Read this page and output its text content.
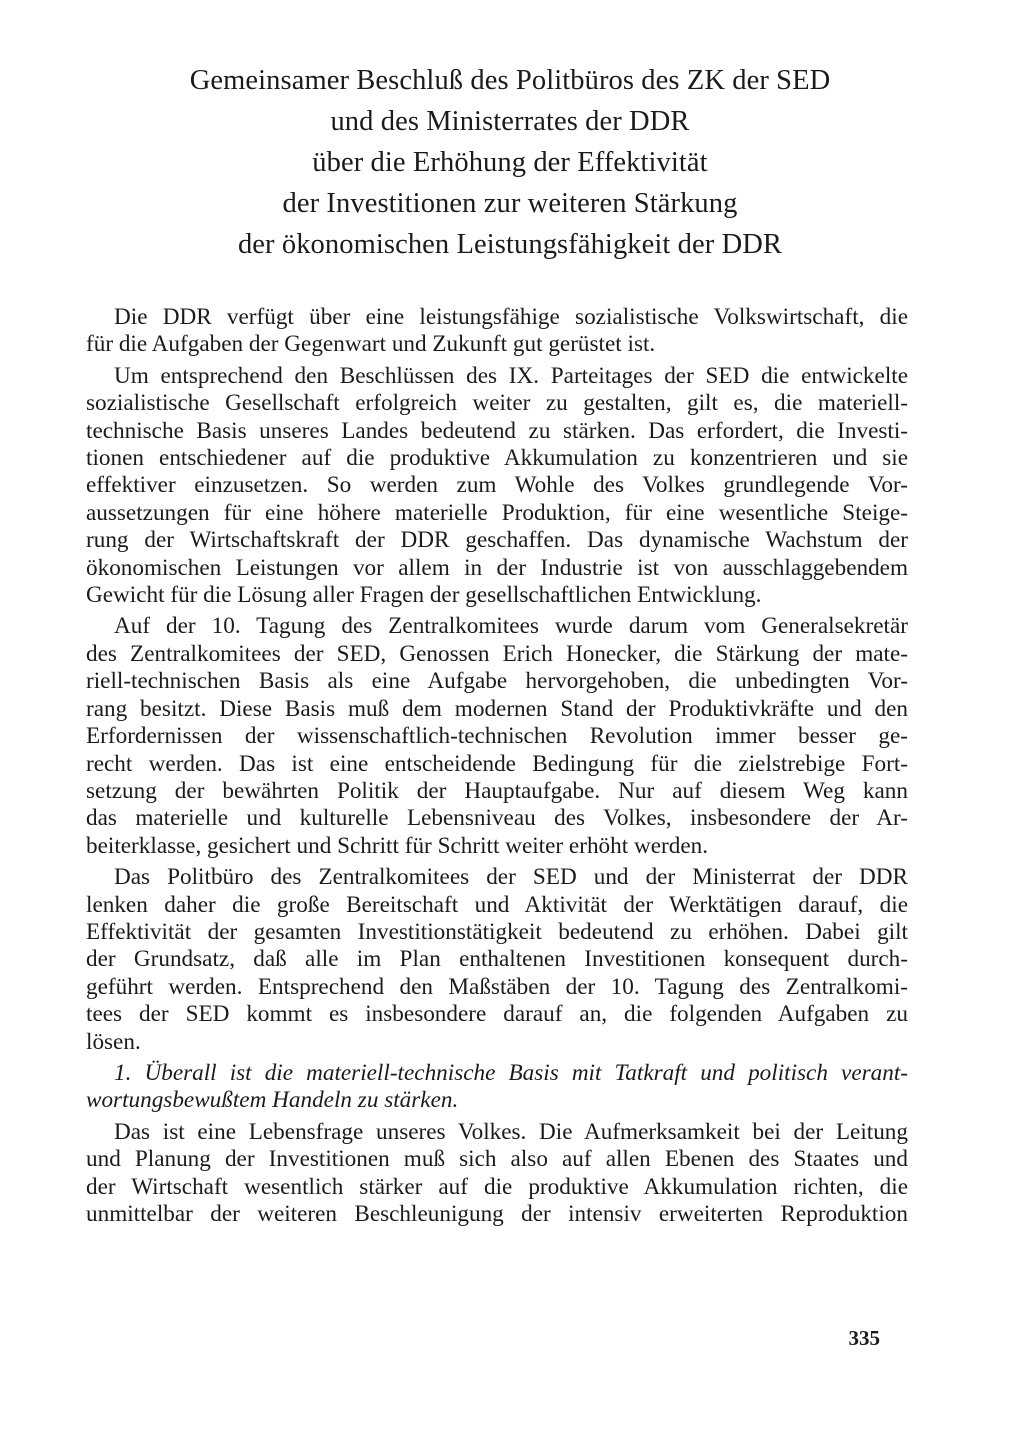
Gemeinsamer Beschluß des Politbüros des ZK der SED
und des Ministerrates der DDR
über die Erhöhung der Effektivität
der Investitionen zur weiteren Stärkung
der ökonomischen Leistungsfähigkeit der DDR
Die DDR verfügt über eine leistungsfähige sozialistische Volkswirtschaft, die
für die Aufgaben der Gegenwart und Zukunft gut gerüstet ist.
Um entsprechend den Beschlüssen des IX. Parteitages der SED die entwickelte
sozialistische Gesellschaft erfolgreich weiter zu gestalten, gilt es, die materiell-
technische Basis unseres Landes bedeutend zu stärken. Das erfordert, die Investi-
tionen entschiedener auf die produktive Akkumulation zu konzentrieren und sie
effektiver einzusetzen. So werden zum Wohle des Volkes grundlegende Vor-
aussetzungen für eine höhere materielle Produktion, für eine wesentliche Steige-
rung der Wirtschaftskraft der DDR geschaffen. Das dynamische Wachstum der
ökonomischen Leistungen vor allem in der Industrie ist von ausschlaggebendem
Gewicht für die Lösung aller Fragen der gesellschaftlichen Entwicklung.
Auf der 10. Tagung des Zentralkomitees wurde darum vom Generalsekretär
des Zentralkomitees der SED, Genossen Erich Honecker, die Stärkung der mate-
riell-technischen Basis als eine Aufgabe hervorgehoben, die unbedingten Vor-
rang besitzt. Diese Basis muß dem modernen Stand der Produktivkräfte und den
Erfordernissen der wissenschaftlich-technischen Revolution immer besser ge-
recht werden. Das ist eine entscheidende Bedingung für die zielstrebige Fort-
setzung der bewährten Politik der Hauptaufgabe. Nur auf diesem Weg kann
das materielle und kulturelle Lebensniveau des Volkes, insbesondere der Ar-
beiterklasse, gesichert und Schritt für Schritt weiter erhöht werden.
Das Politbüro des Zentralkomitees der SED und der Ministerrat der DDR
lenken daher die große Bereitschaft und Aktivität der Werktätigen darauf, die
Effektivität der gesamten Investitionstätigkeit bedeutend zu erhöhen. Dabei gilt
der Grundsatz, daß alle im Plan enthaltenen Investitionen konsequent durch-
geführt werden. Entsprechend den Maßstäben der 10. Tagung des Zentralkomi-
tees der SED kommt es insbesondere darauf an, die folgenden Aufgaben zu
lösen.
1. Überall ist die materiell-technische Basis mit Tatkraft und politisch verant-
wortungsbewußtem Handeln zu stärken.
Das ist eine Lebensfrage unseres Volkes. Die Aufmerksamkeit bei der Leitung
und Planung der Investitionen muß sich also auf allen Ebenen des Staates und
der Wirtschaft wesentlich stärker auf die produktive Akkumulation richten, die
unmittelbar der weiteren Beschleunigung der intensiv erweiterten Reproduktion
335
